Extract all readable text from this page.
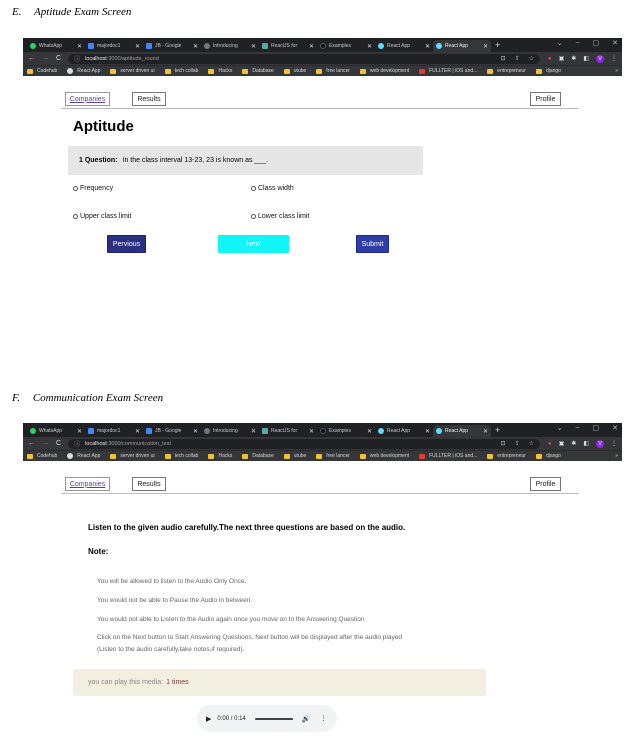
E. Aptitude Exam Screen
WhatsApp	✕	majordoc1	✕	JB - Google	✕	Introducing	✕	ReactJS for	✕	Examples	✕	React App	✕	React App	✕ +	⌄ – ▢ ✕
← → C ⓘ localhost :3000/aptitude_round	⊡ ⇪ ☆ ● ▣ ✱ ◧	V	⋮
Codehub	React App	server driven ui	tech collab	Hacks	Database	utube	free lancer	web development	FULLTER | iOS and...	entrepreneur	django	»
Companies	Results	Profile
Aptitude
1 Question: In the class interval 13-23, 23 is known as ___.
Frequency	Class width
Upper class limit	Lower class limit
Pervious	Next	Submit
F. Communication Exam Screen
WhatsApp	✕	majordoc1	✕	JB - Google	✕	Introducing	✕	ReactJS for	✕	Examples	✕	React App	✕	React App	✕ +	⌄ – ▢ ✕
← → C ⓘ localhost :3000/communication_test	⊡ ⇪ ☆ ● ▣ ✱ ◧	V	⋮
Codehub	React App	server driven ui	tech collab	Hacks	Database	utube	free lancer	web development	FULLTER | iOS and...	entrepreneur	django	»
Companies	Results	Profile
Listen to the given audio carefully.The next three questions are based on the audio.
Note:
You will be allowed to listen to the Audio Only Once.
You would not be able to Pause the Audio in between.
You would not able to Listen to the Audio again once you move on to the Answering Question
Click on the Next button to Start Answering Questions, Next button will be displayed after the audio played
(Listen to the audio carefully,take notes,if required).
you can play this media: 1 times
▶ 0:00 / 0:14	🔊 ⋮
